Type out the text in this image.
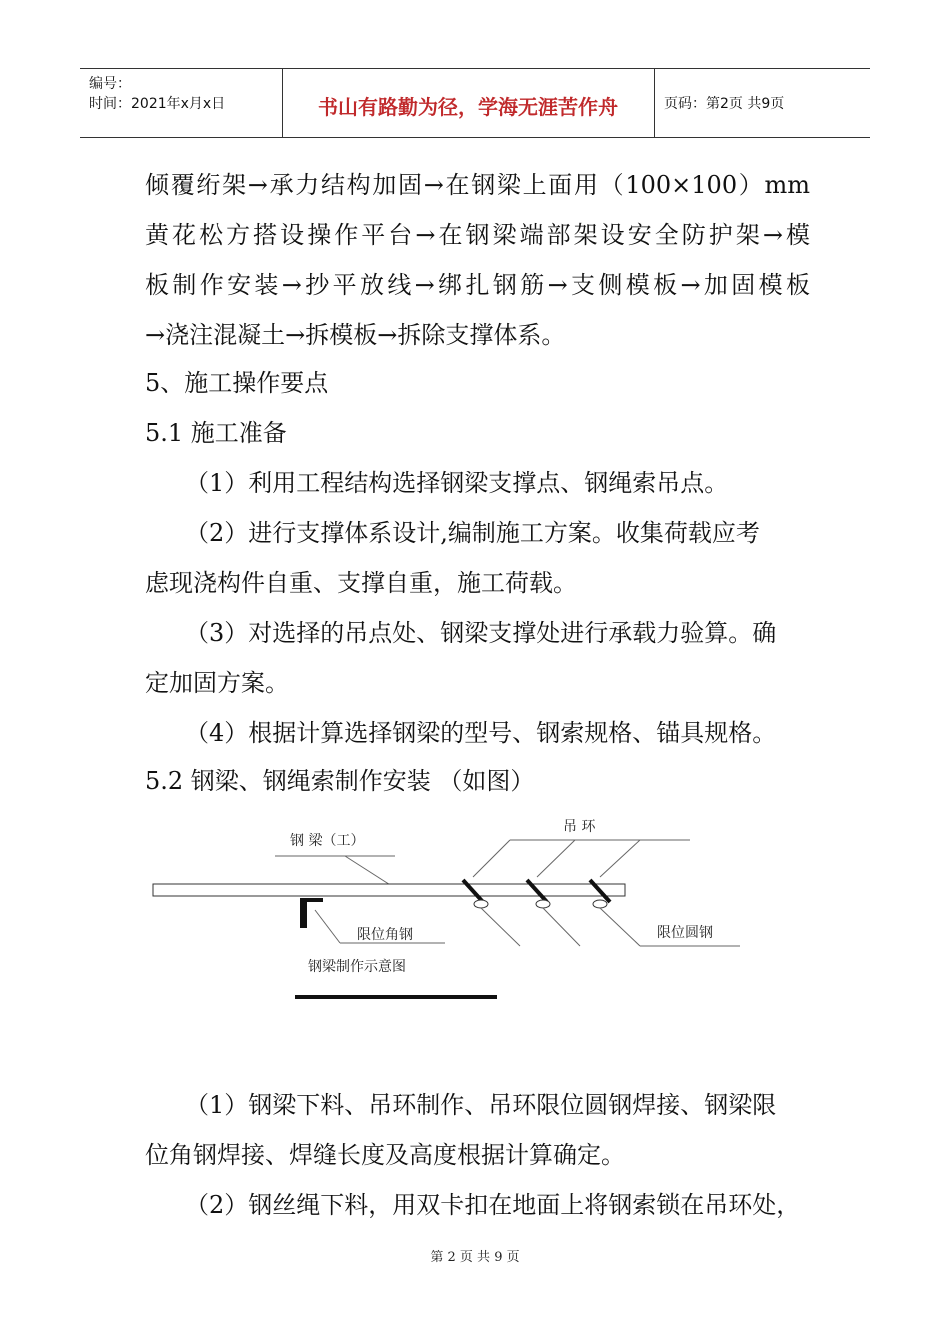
编号：
时间：2021年x月x日	书山有路勤为径，学海无涯苦作舟	页码：第2页 共9页
倾覆绗架→承力结构加固→在钢梁上面用（100×100）mm
黄花松方搭设操作平台→在钢梁端部架设安全防护架→模
板制作安装→抄平放线→绑扎钢筋→支侧模板→加固模板
→浇注混凝土→拆模板→拆除支撑体系。
5、施工操作要点
5.1 施工准备
（1）利用工程结构选择钢梁支撑点、钢绳索吊点。
（2）进行支撑体系设计,编制施工方案。收集荷载应考
虑现浇构件自重、支撑自重，施工荷载。
（3）对选择的吊点处、钢梁支撑处进行承载力验算。确
定加固方案。
（4）根据计算选择钢梁的型号、钢索规格、锚具规格。
5.2 钢梁、钢绳索制作安装 （如图）
钢 梁（工）
吊 环
限位角钢	限位圆钢
钢梁制作示意图
（1）钢梁下料、吊环制作、吊环限位圆钢焊接、钢梁限
位角钢焊接、焊缝长度及高度根据计算确定。
（2）钢丝绳下料，用双卡扣在地面上将钢索锁在吊环处，
第 2 页 共 9 页
